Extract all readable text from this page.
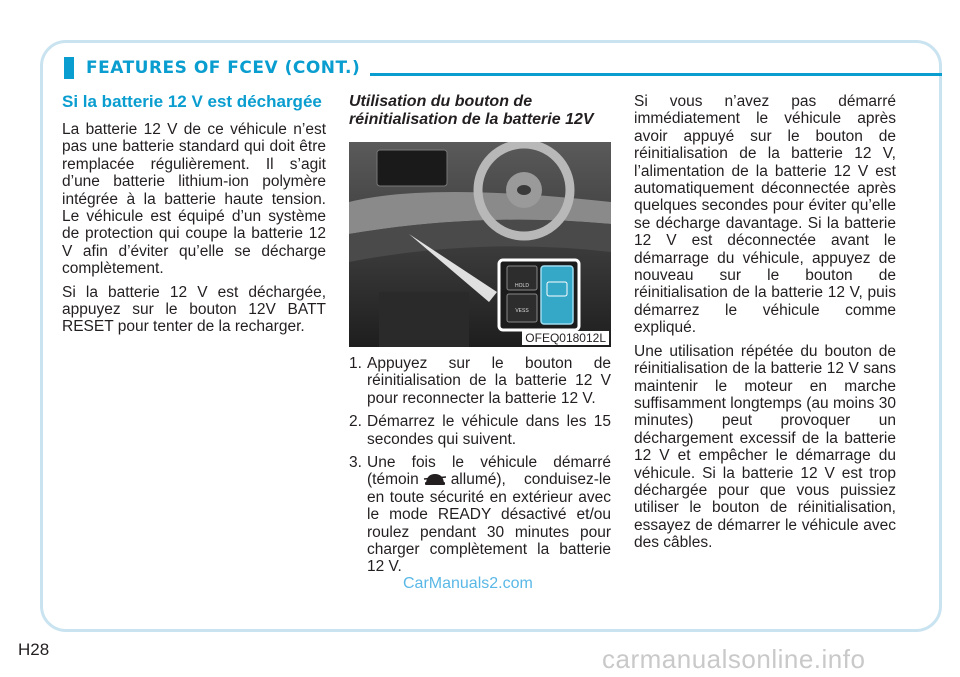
FEATURES OF FCEV (CONT.)

Si la batterie 12 V est déchargée

La batterie 12 V de ce véhicule n’est pas une batterie standard qui doit être remplacée régulièrement. Il s’agit d’une batterie lithium-ion polymère intégrée à la batterie haute tension. Le véhicule est équipé d’un système de protection qui coupe la batterie 12 V afin d’éviter qu’elle se décharge complètement.

Si la batterie 12 V est déchargée, appuyez sur le bouton 12V BATT RESET pour tenter de la recharger.

Utilisation du bouton de réinitialisation de la batterie 12V

HOLD
VESS
OFEQ018012L
1. Appuyez sur le bouton de réinitialisation de la batterie 12 V pour reconnecter la batterie 12 V.
2. Démarrez le véhicule dans les 15 secondes qui suivent.
3. Une fois le véhicule démarré (témoin allumé), conduisez-le en toute sécurité en extérieur avec le mode READY désactivé et/ou roulez pendant 30 minutes pour charger complètement la batterie 12 V.

Si vous n’avez pas démarré immédiatement le véhicule après avoir appuyé sur le bouton de réinitialisation de la batterie 12 V, l’alimentation de la batterie 12 V est automatiquement déconnectée après quelques secondes pour éviter qu’elle se décharge davantage. Si la batterie 12 V est déconnectée avant le démarrage du véhicule, appuyez de nouveau sur le bouton de réinitialisation de la batterie 12 V, puis démarrez le véhicule comme expliqué.

Une utilisation répétée du bouton de réinitialisation de la batterie 12 V sans maintenir le moteur en marche suffisamment longtemps (au moins 30 minutes) peut provoquer un déchargement excessif de la batterie 12 V et empêcher le démarrage du véhicule. Si la batterie 12 V est trop déchargée pour que vous puissiez utiliser le bouton de réinitialisation, essayez de démarrer le véhicule avec des câbles.

CarManuals2.com
H28	carmanualsonline.info
